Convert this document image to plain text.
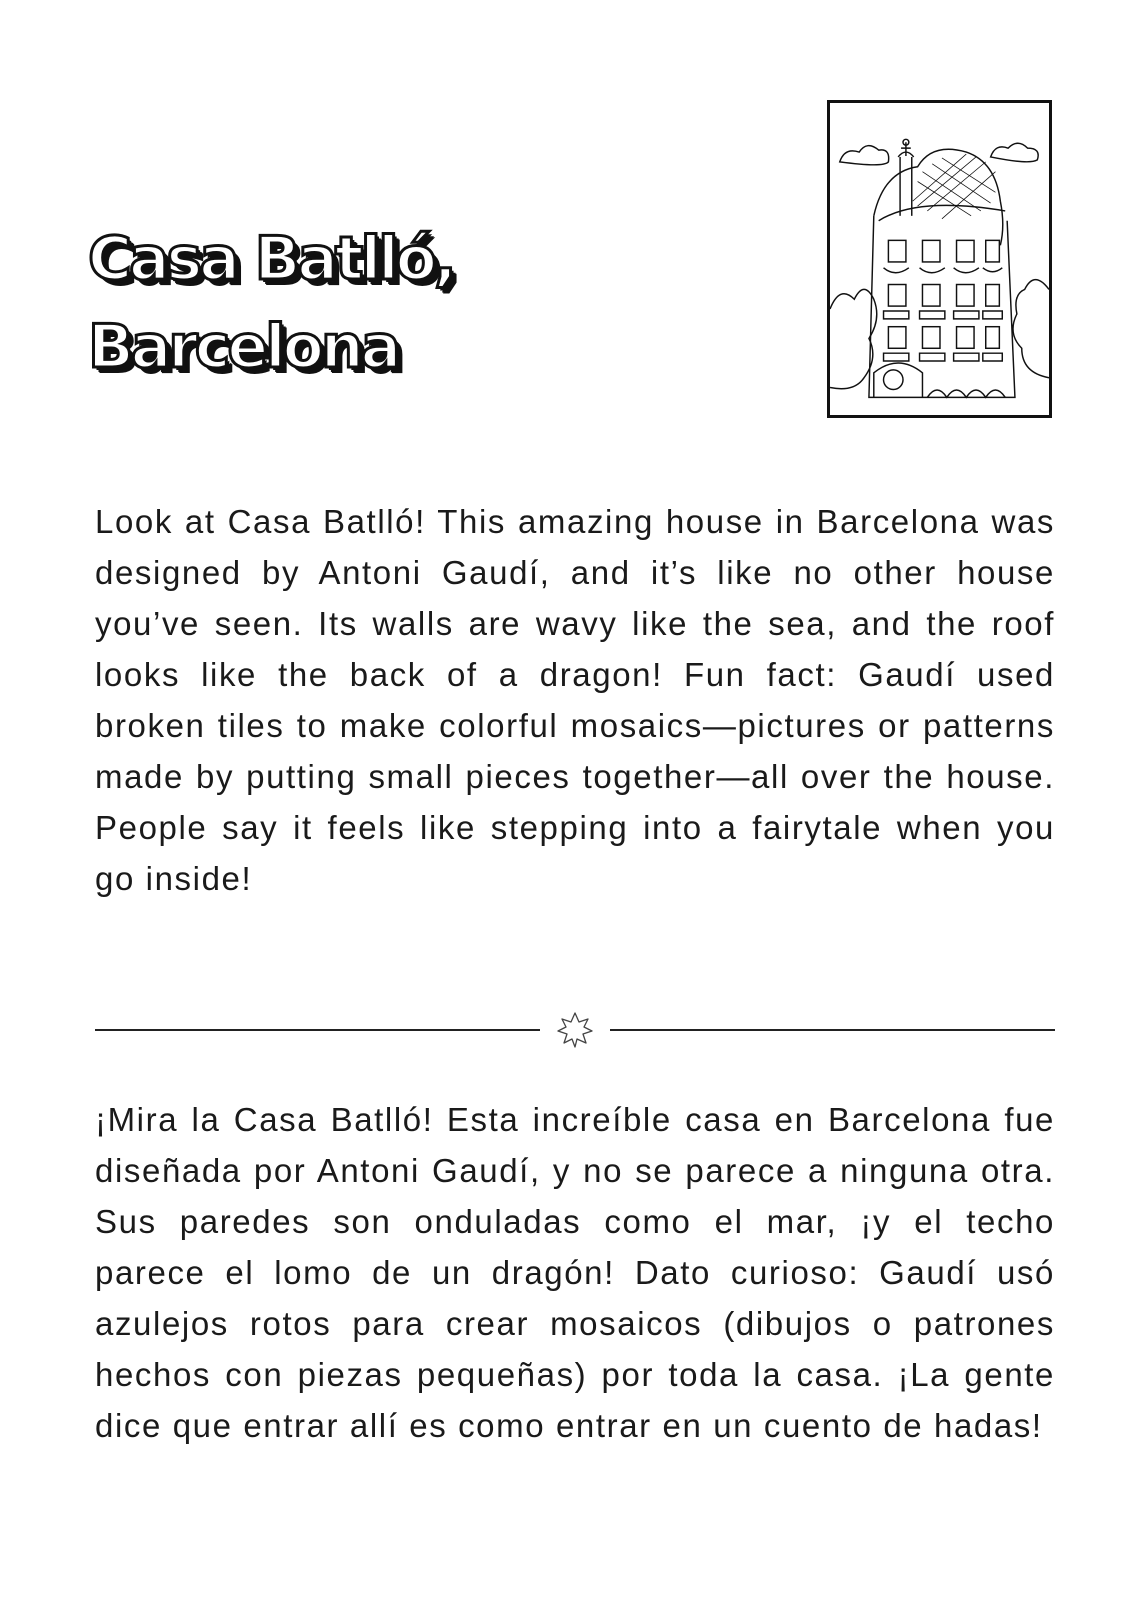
Casa Batlló,
Barcelona

Look at Casa Batlló! This amazing house in Barcelona was designed by Antoni Gaudí, and it’s like no other house you’ve seen. Its walls are wavy like the sea, and the roof looks like the back of a dragon! Fun fact: Gaudí used broken tiles to make colorful mosaics—pictures or patterns made by putting small pieces together—all over the house. People say it feels like stepping into a fairytale when you go inside!

¡Mira la Casa Batlló! Esta increíble casa en Barcelona fue diseñada por Antoni Gaudí, y no se parece a ninguna otra. Sus paredes son onduladas como el mar, ¡y el techo parece el lomo de un dragón! Dato curioso: Gaudí usó azulejos rotos para crear mosaicos (dibujos o patrones hechos con piezas pequeñas) por toda la casa. ¡La gente dice que entrar allí es como entrar en un cuento de hadas!
